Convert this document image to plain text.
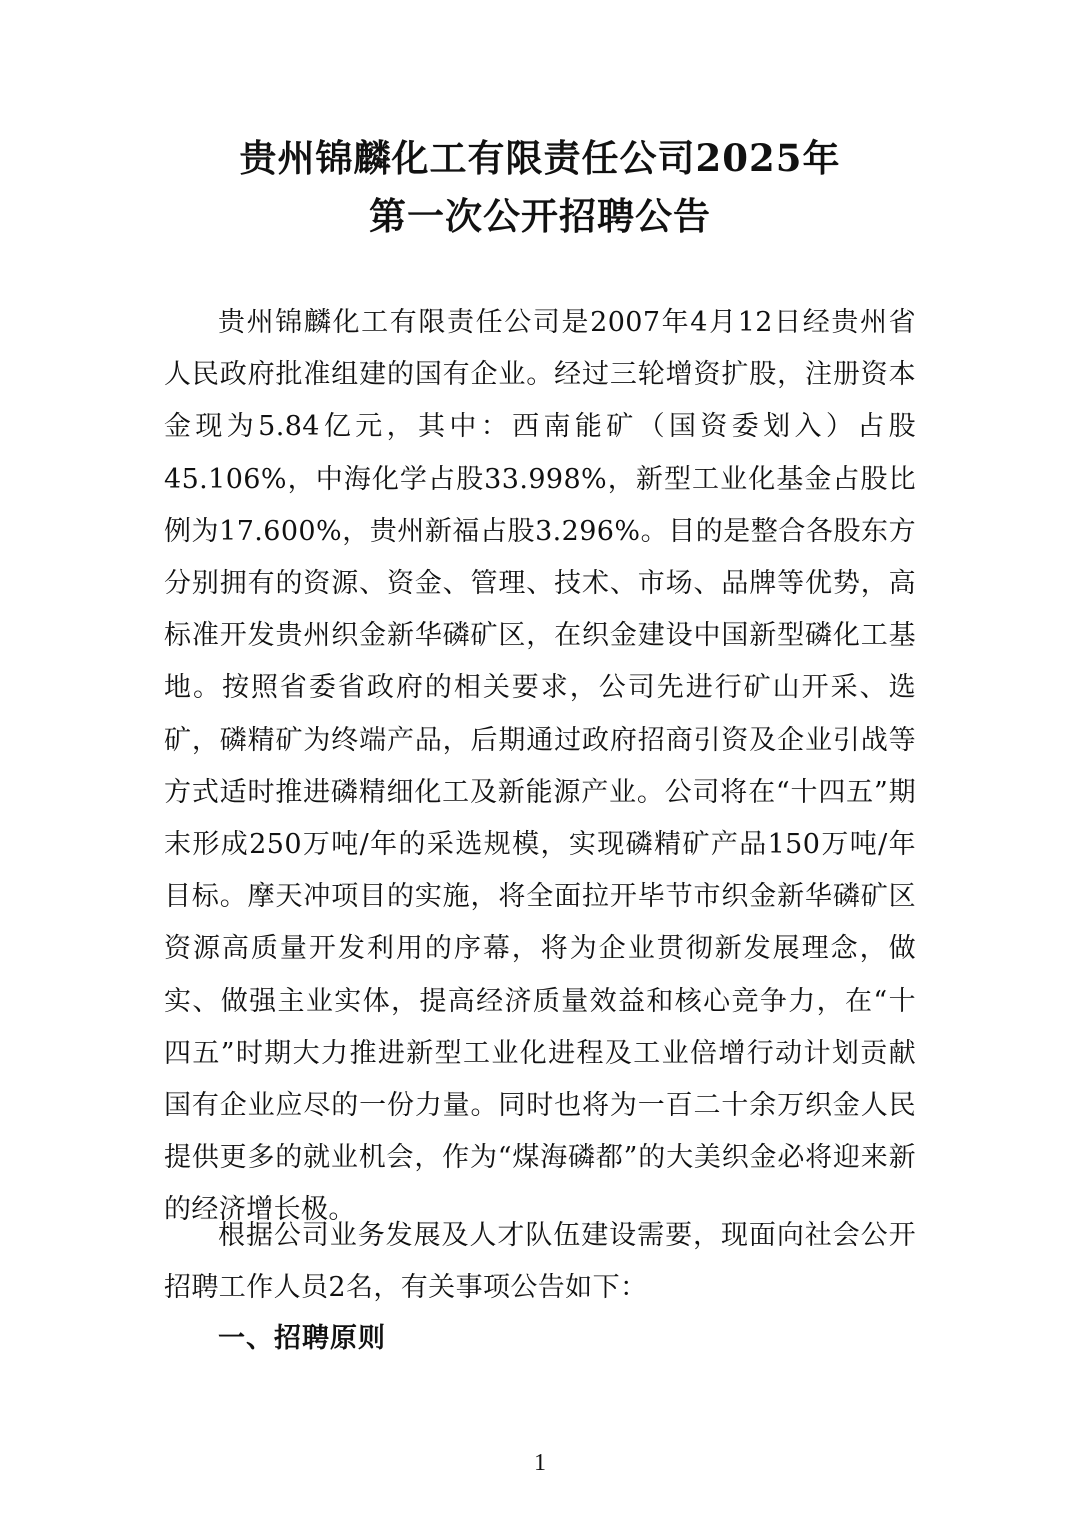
贵州锦麟化工有限责任公司2025年
第一次公开招聘公告
贵州锦麟化工有限责任公司是2007年4月12日经贵州省人民政府批准组建的国有企业。经过三轮增资扩股，注册资本金现为5.84亿元，其中：西南能矿（国资委划入）占股45.106%，中海化学占股33.998%，新型工业化基金占股比例为17.600%，贵州新福占股3.296%。目的是整合各股东方分别拥有的资源、资金、管理、技术、市场、品牌等优势，高标准开发贵州织金新华磷矿区，在织金建设中国新型磷化工基地。按照省委省政府的相关要求，公司先进行矿山开采、选矿，磷精矿为终端产品，后期通过政府招商引资及企业引战等方式适时推进磷精细化工及新能源产业。公司将在“十四五”期末形成250万吨/年的采选规模，实现磷精矿产品150万吨/年目标。摩天冲项目的实施，将全面拉开毕节市织金新华磷矿区资源高质量开发利用的序幕，将为企业贯彻新发展理念，做实、做强主业实体，提高经济质量效益和核心竞争力，在“十四五”时期大力推进新型工业化进程及工业倍增行动计划贡献国有企业应尽的一份力量。同时也将为一百二十余万织金人民提供更多的就业机会，作为“煤海磷都”的大美织金必将迎来新的经济增长极。
根据公司业务发展及人才队伍建设需要，现面向社会公开招聘工作人员2名，有关事项公告如下：
一、招聘原则
1
